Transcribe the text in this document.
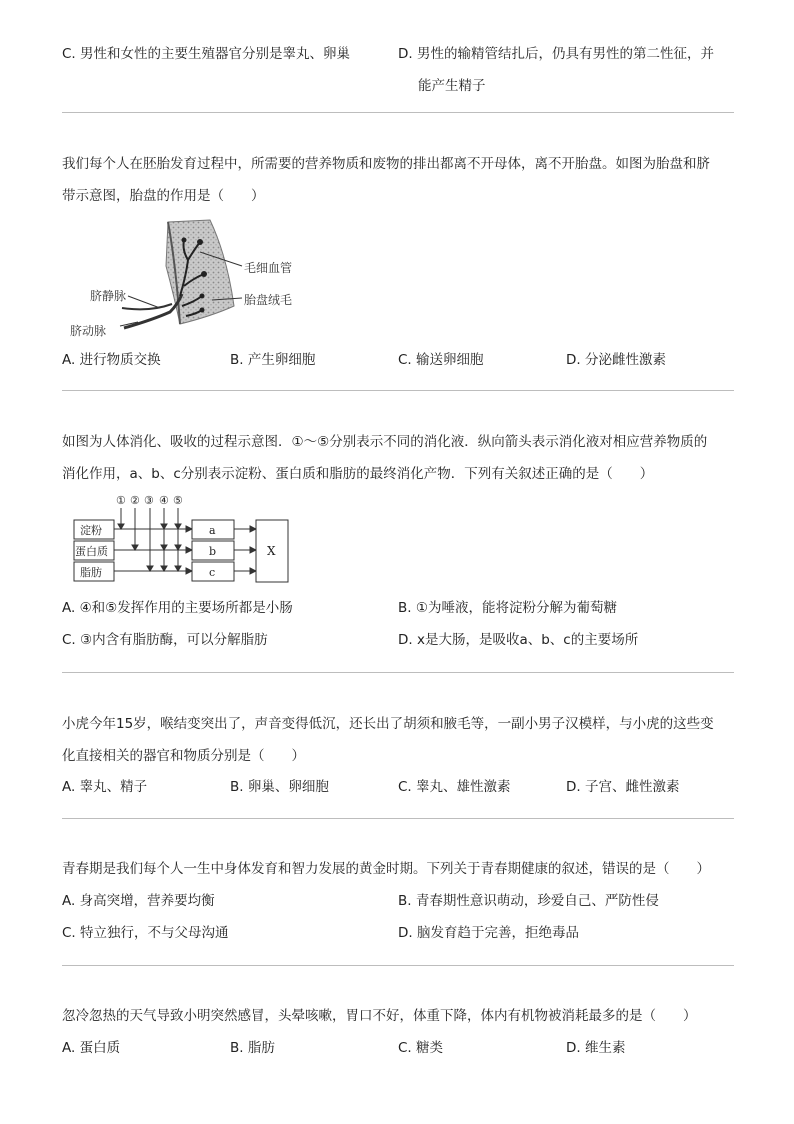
C. 男性和女性的主要生殖器官分别是睾丸、卵巢	D. 男性的输精管结扎后，仍具有男性的第二性征，并
能产生精子
我们每个人在胚胎发育过程中，所需要的营养物质和废物的排出都离不开母体，离不开胎盘。如图为胎盘和脐
带示意图，胎盘的作用是（　　）
毛细血管
脐静脉	胎盘绒毛
脐动脉
A. 进行物质交换	B. 产生卵细胞	C. 输送卵细胞	D. 分泌雌性激素
如图为人体消化、吸收的过程示意图．①～⑤分别表示不同的消化液．纵向箭头表示消化液对相应营养物质的
消化作用，a、b、c分别表示淀粉、蛋白质和脂肪的最终消化产物．下列有关叙述正确的是（　　）
① ② ③ ④ ⑤
淀粉
蛋白质
脂肪
a
b
c
X
A. ④和⑤发挥作用的主要场所都是小肠	B. ①为唾液，能将淀粉分解为葡萄糖
C. ③内含有脂肪酶，可以分解脂肪	D. x是大肠，是吸收a、b、c的主要场所
小虎今年15岁，喉结变突出了，声音变得低沉，还长出了胡须和腋毛等，一副小男子汉模样，与小虎的这些变
化直接相关的器官和物质分别是（　　）
A. 睾丸、精子	B. 卵巢、卵细胞	C. 睾丸、雄性激素	D. 子宫、雌性激素
青春期是我们每个人一生中身体发育和智力发展的黄金时期。下列关于青春期健康的叙述，错误的是（　　）
A. 身高突增，营养要均衡	B. 青春期性意识萌动，珍爱自己、严防性侵
C. 特立独行，不与父母沟通	D. 脑发育趋于完善，拒绝毒品
忽冷忽热的天气导致小明突然感冒，头晕咳嗽，胃口不好，体重下降，体内有机物被消耗最多的是（　　）
A. 蛋白质	B. 脂肪	C. 糖类	D. 维生素
